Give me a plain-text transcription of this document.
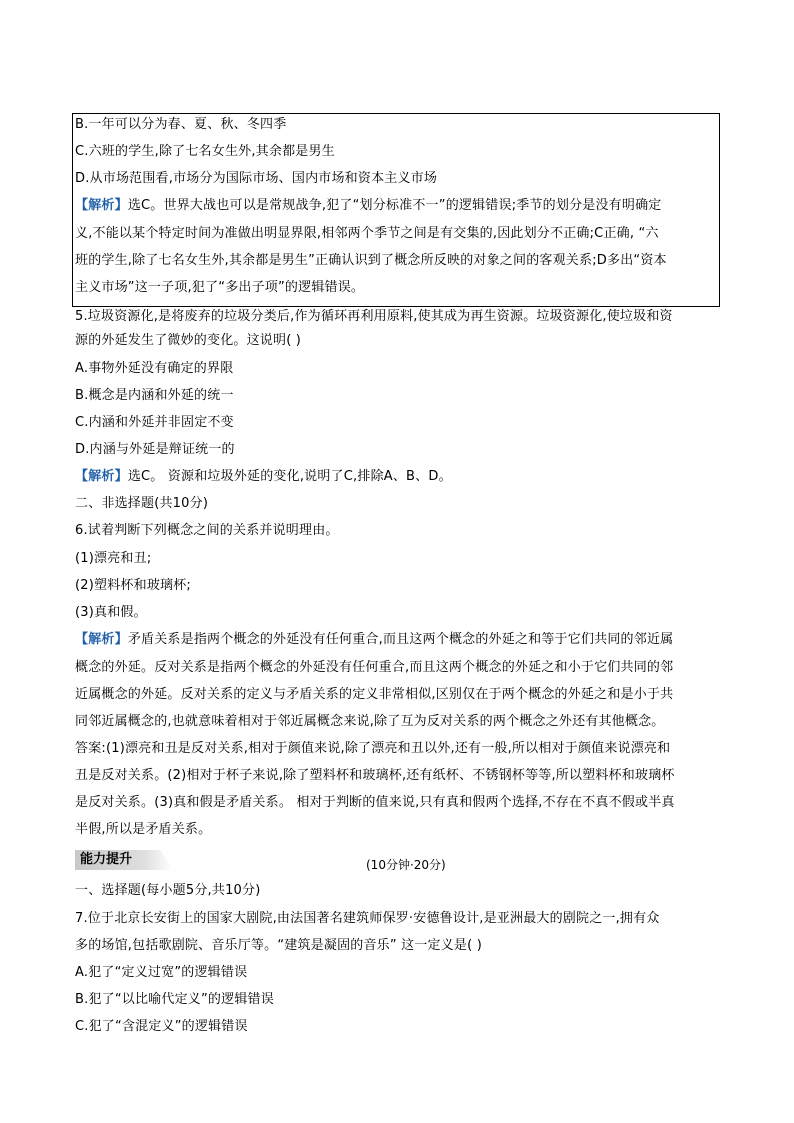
B.一年可以分为春、夏、秋、冬四季
C.六班的学生,除了七名女生外,其余都是男生
D.从市场范围看,市场分为国际市场、国内市场和资本主义市场
【解析】选C。世界大战也可以是常规战争,犯了“划分标准不一”的逻辑错误;季节的划分是没有明确定
义,不能以某个特定时间为准做出明显界限,相邻两个季节之间是有交集的,因此划分不正确;C正确, “六
班的学生,除了七名女生外,其余都是男生”正确认识到了概念所反映的对象之间的客观关系;D多出“资本
主义市场”这一子项,犯了“多出子项”的逻辑错误。
5.垃圾资源化,是将废弃的垃圾分类后,作为循环再利用原料,使其成为再生资源。垃圾资源化,使垃圾和资
源的外延发生了微妙的变化。这说明( )
A.事物外延没有确定的界限
B.概念是内涵和外延的统一
C.内涵和外延并非固定不变
D.内涵与外延是辩证统一的
【解析】选C。 资源和垃圾外延的变化,说明了C,排除A、B、D。
二、非选择题(共10分)
6.试着判断下列概念之间的关系并说明理由。
(1)漂亮和丑;
(2)塑料杯和玻璃杯;
(3)真和假。
【解析】矛盾关系是指两个概念的外延没有任何重合,而且这两个概念的外延之和等于它们共同的邻近属
概念的外延。反对关系是指两个概念的外延没有任何重合,而且这两个概念的外延之和小于它们共同的邻
近属概念的外延。反对关系的定义与矛盾关系的定义非常相似,区别仅在于两个概念的外延之和是小于共
同邻近属概念的,也就意味着相对于邻近属概念来说,除了互为反对关系的两个概念之外还有其他概念。
答案:(1)漂亮和丑是反对关系,相对于颜值来说,除了漂亮和丑以外,还有一般,所以相对于颜值来说漂亮和
丑是反对关系。(2)相对于杯子来说,除了塑料杯和玻璃杯,还有纸杯、不锈钢杯等等,所以塑料杯和玻璃杯
是反对关系。(3)真和假是矛盾关系。 相对于判断的值来说,只有真和假两个选择,不存在不真不假或半真
半假,所以是矛盾关系。
能力提升	(10分钟·20分)
一、选择题(每小题5分,共10分)
7.位于北京长安街上的国家大剧院,由法国著名建筑师保罗·安德鲁设计,是亚洲最大的剧院之一,拥有众
多的场馆,包括歌剧院、音乐厅等。“建筑是凝固的音乐” 这一定义是( )
A.犯了“定义过宽”的逻辑错误
B.犯了“以比喻代定义”的逻辑错误
C.犯了“含混定义”的逻辑错误
